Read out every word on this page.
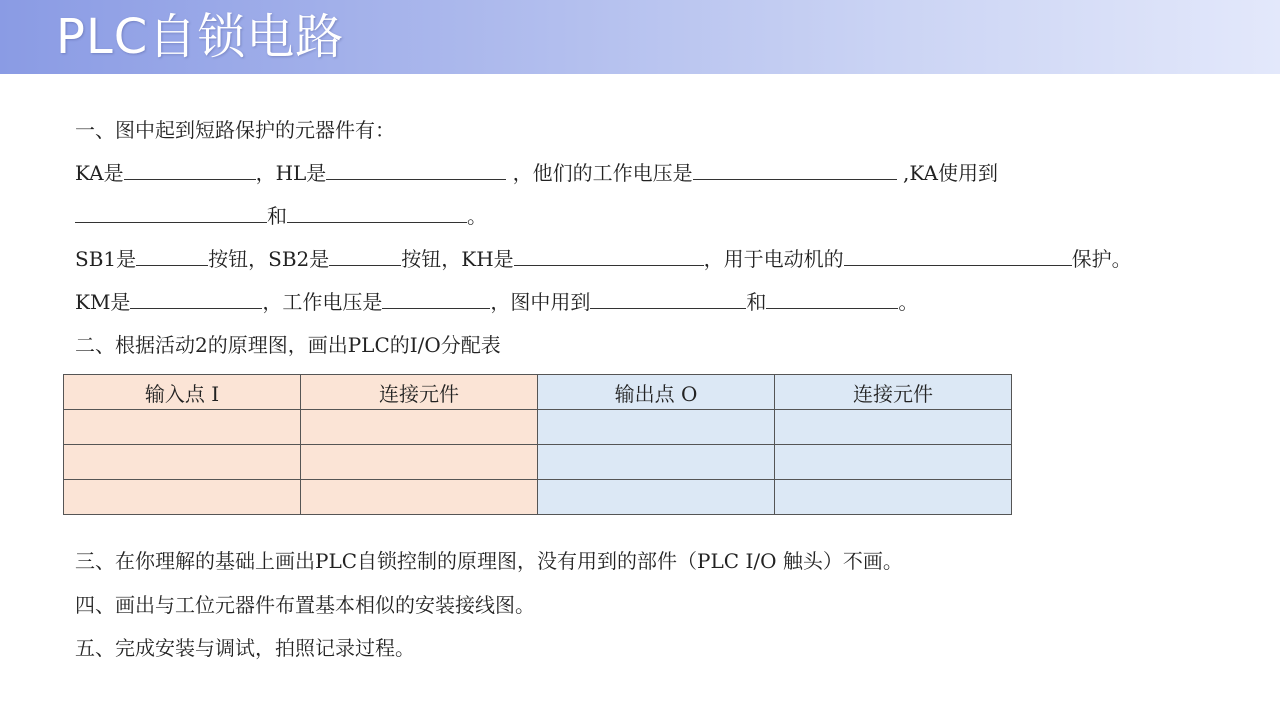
PLC自锁电路
一、图中起到短路保护的元器件有：
KA是	，HL是	，他们的工作电压是	,KA使用到
和	。
SB1是	按钮，SB2是	按钮，KH是	，用于电动机的	保护。
KM是	，工作电压是	，图中用到	和	。
二、根据活动2的原理图，画出PLC的I/O分配表
输入点 I	连接元件	输出点 O	连接元件

三、在你理解的基础上画出PLC自锁控制的原理图，没有用到的部件（PLC I/O 触头）不画。
四、画出与工位元器件布置基本相似的安装接线图。
五、完成安装与调试，拍照记录过程。
